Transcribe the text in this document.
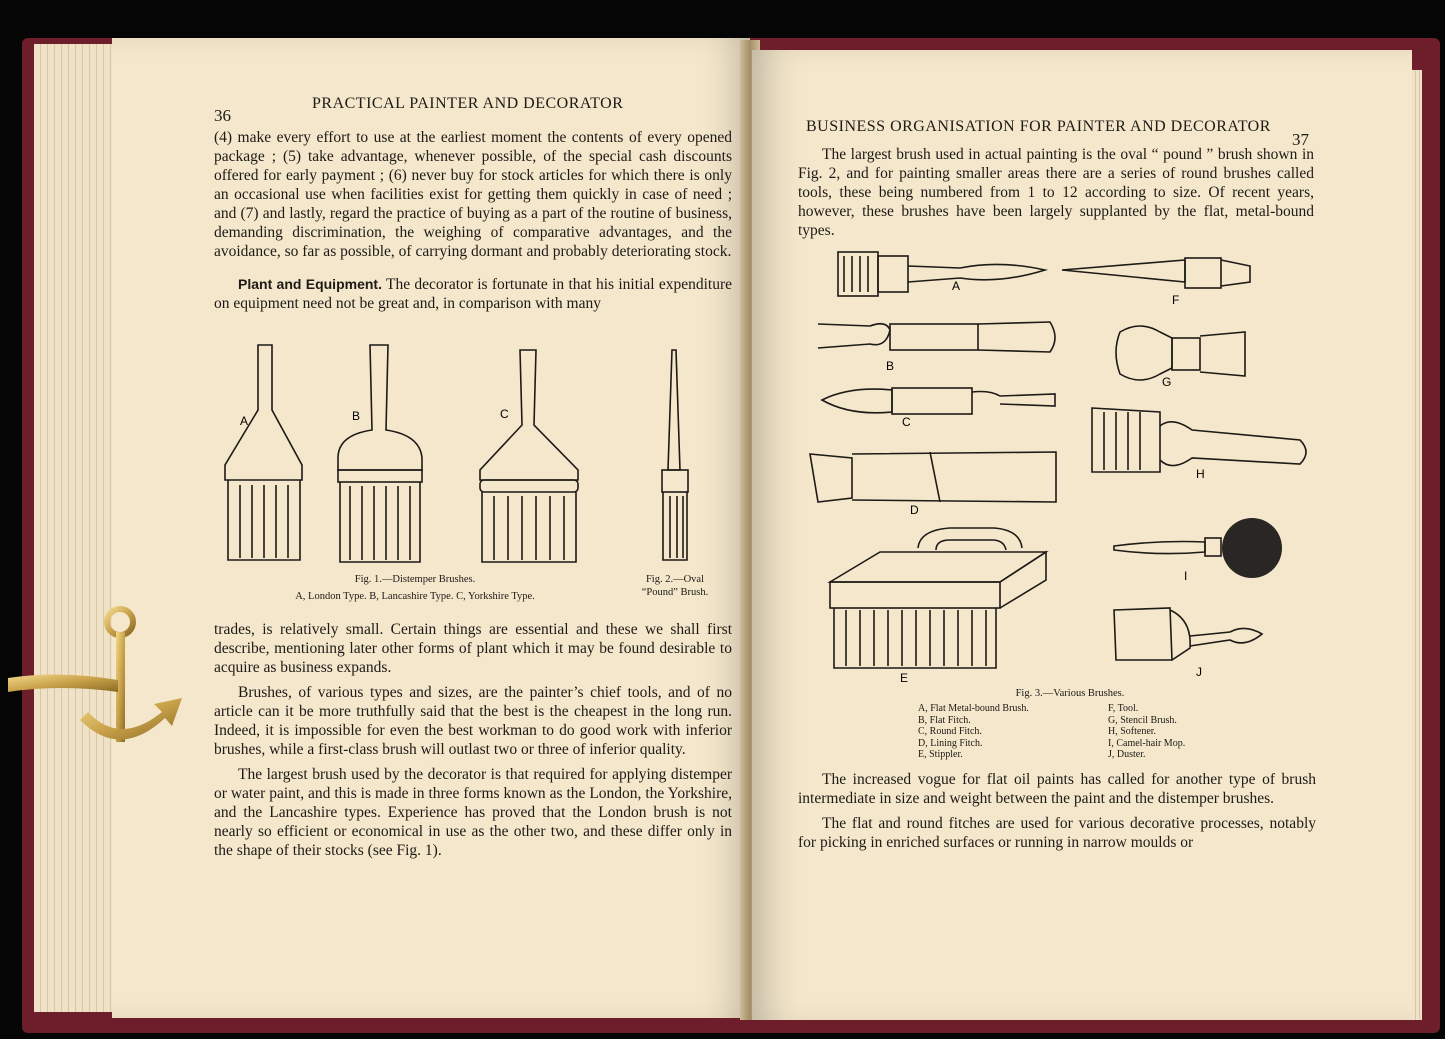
36
PRACTICAL PAINTER AND DECORATOR

(4) make every effort to use at the earliest moment the contents of every opened package ; (5) take advantage, whenever possible, of the special cash discounts offered for early payment ; (6) never buy for stock articles for which there is only an occasional use when facilities exist for getting them quickly in case of need ; and (7) and lastly, regard the practice of buying as a part of the routine of business, demanding discrimination, the weighing of comparative advantages, and the avoidance, so far as possible, of carrying dormant and probably deteriorating stock.

Plant and Equipment. The decorator is fortunate in that his initial expenditure on equipment need not be great and, in comparison with many

A	B	C
Fig. 1.—Distemper Brushes.
A, London Type. B, Lancashire Type. C, Yorkshire Type.
Fig. 2.—Oval “Pound” Brush.

trades, is relatively small. Certain things are essential and these we shall first describe, mentioning later other forms of plant which it may be found desirable to acquire as business expands.

Brushes, of various types and sizes, are the painter’s chief tools, and of no article can it be more truthfully said that the best is the cheapest in the long run. Indeed, it is impossible for even the best workman to do good work with inferior brushes, while a first-class brush will outlast two or three of inferior quality.

The largest brush used by the decorator is that required for applying distemper or water paint, and this is made in three forms known as the London, the Yorkshire, and the Lancashire types. Experience has proved that the London brush is not nearly so efficient or economical in use as the other two, and these differ only in the shape of their stocks (see Fig. 1).

BUSINESS ORGANISATION FOR PAINTER AND DECORATOR
37

The largest brush used in actual painting is the oval “ pound ” brush shown in Fig. 2, and for painting smaller areas there are a series of round brushes called tools, these being numbered from 1 to 12 according to size. Of recent years, however, these brushes have been largely supplanted by the flat, metal-bound types.

A
B
C
D
E
F
G
H
I
J
Fig. 3.—Various Brushes.
A, Flat Metal-bound Brush.
B, Flat Fitch.
C, Round Fitch.
D, Lining Fitch.
E, Stippler.
F, Tool.
G, Stencil Brush.
H, Softener.
I, Camel-hair Mop.
J, Duster.

The increased vogue for flat oil paints has called for another type of brush intermediate in size and weight between the paint and the distemper brushes.

The flat and round fitches are used for various decorative processes, notably for picking in enriched surfaces or running in narrow moulds or
